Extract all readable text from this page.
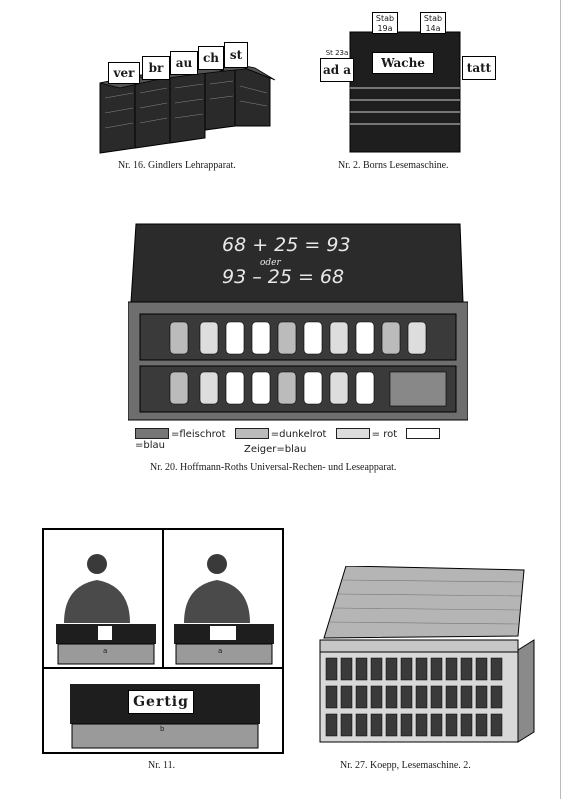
ver	br	au ch st
Nr. 16. Gindlers Lehrapparat.
Stab 19a
Stab 14a
St 23a
ad a	Wache	tatt
Nr. 2. Borns Lesemaschine.
68 + 25 = 93
oder
93 – 25 = 68
=fleischrot	=dunkelrot	= rot =blau	Zeiger=blau
Nr. 20. Hoffmann-Roths Universal-Rechen- und Leseapparat.
a	a
Gertig
b
Nr. 11.	Nr. 27. Koepp, Lesemaschine. 2.
